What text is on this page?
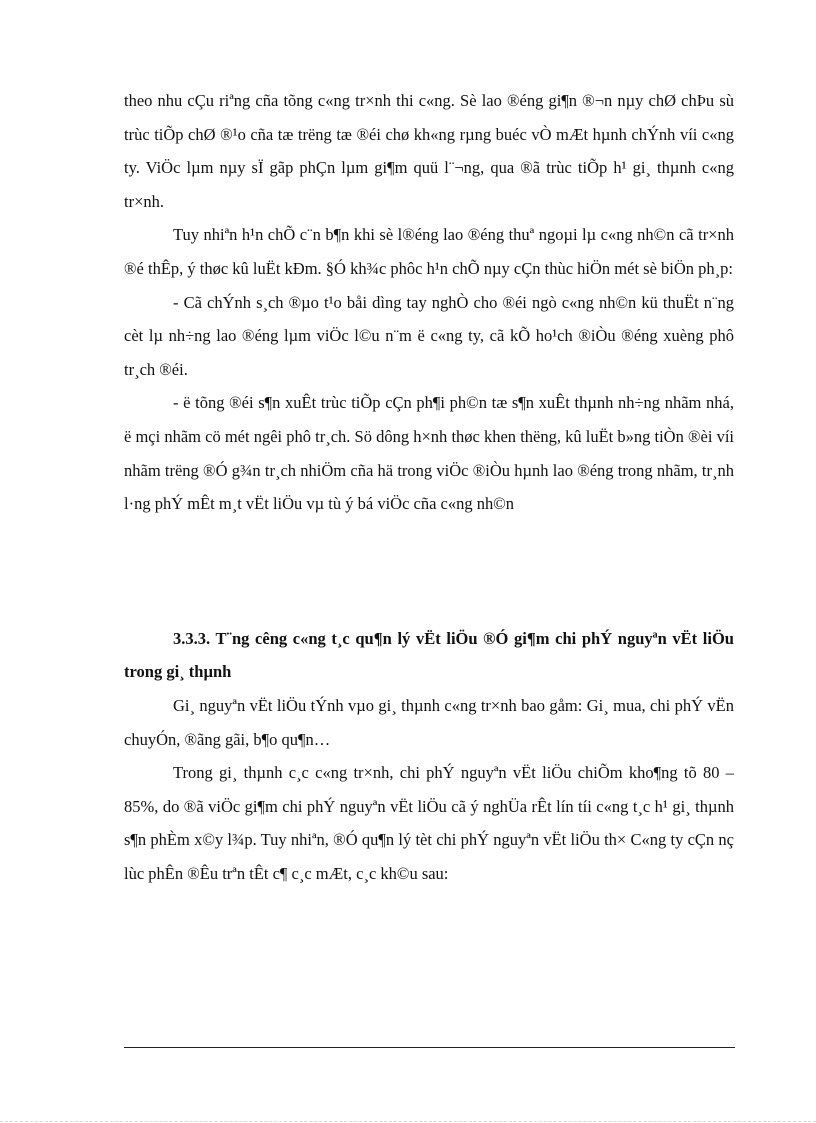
theo nhu cÇu riªng cña tõng c«ng tr×nh thi c«ng. Sè lao ®éng gi¶n ®¬n nµy chØ chÞu sù trùc tiÕp chØ ®¹o cña tæ trëng tæ ®éi chø kh«ng rµng buéc vÒ mÆt hµnh chÝnh víi c«ng ty. ViÖc lµm nµy sÏ gãp phÇn lµm gi¶m quü l¨¬ng, qua ®ã trùc tiÕp h¹ gi¸ thµnh c«ng tr×nh.

Tuy nhiªn h¹n chÕ c¨n b¶n khi sè l®éng lao ®éng thuª ngoµi lµ c«ng nh©n cã tr×nh ®é thÊp, ý thøc kû luËt kÐm. §Ó kh¾c phôc h¹n chÕ nµy cÇn thùc hiÖn mét sè biÖn ph¸p:

- Cã chÝnh s¸ch ®µo t¹o båi dìng tay nghÒ cho ®éi ngò c«ng nh©n kü thuËt n¨ng cèt lµ nh÷ng lao ®éng lµm viÖc l©u n¨m ë c«ng ty, cã kÕ ho¹ch ®iÒu ®éng xuèng phô tr¸ch ®éi.

- ë tõng ®éi s¶n xuÊt trùc tiÕp cÇn ph¶i ph©n tæ s¶n xuÊt thµnh nh÷ng nhãm nhá, ë mçi nhãm cö mét ngêi phô tr¸ch. Sö dông h×nh thøc khen thëng, kû luËt b»ng tiÒn ®èi víi nhãm trëng ®Ó g¾n tr¸ch nhiÖm cña hä trong viÖc ®iÒu hµnh lao ®éng trong nhãm, tr¸nh l·ng phÝ mÊt m¸t vËt liÖu vµ tù ý bá viÖc cña c«ng nh©n

3.3.3. T¨ng cêng c«ng t¸c qu¶n lý vËt liÖu ®Ó gi¶m chi phÝ nguyªn vËt liÖu trong gi¸ thµnh

Gi¸ nguyªn vËt liÖu tÝnh vµo gi¸ thµnh c«ng tr×nh bao gåm: Gi¸ mua, chi phÝ vËn chuyÓn, ®ãng gãi, b¶o qu¶n…

Trong gi¸ thµnh c¸c c«ng tr×nh, chi phÝ nguyªn vËt liÖu chiÕm kho¶ng tõ 80 – 85%, do ®ã viÖc gi¶m chi phÝ nguyªn vËt liÖu cã ý nghÜa rÊt lín tíi c«ng t¸c h¹ gi¸ thµnh s¶n phÈm x©y l¾p. Tuy nhiªn, ®Ó qu¶n lý tèt chi phÝ nguyªn vËt liÖu th× C«ng ty cÇn nç lùc phÊn ®Êu trªn tÊt c¶ c¸c mÆt, c¸c kh©u sau:
